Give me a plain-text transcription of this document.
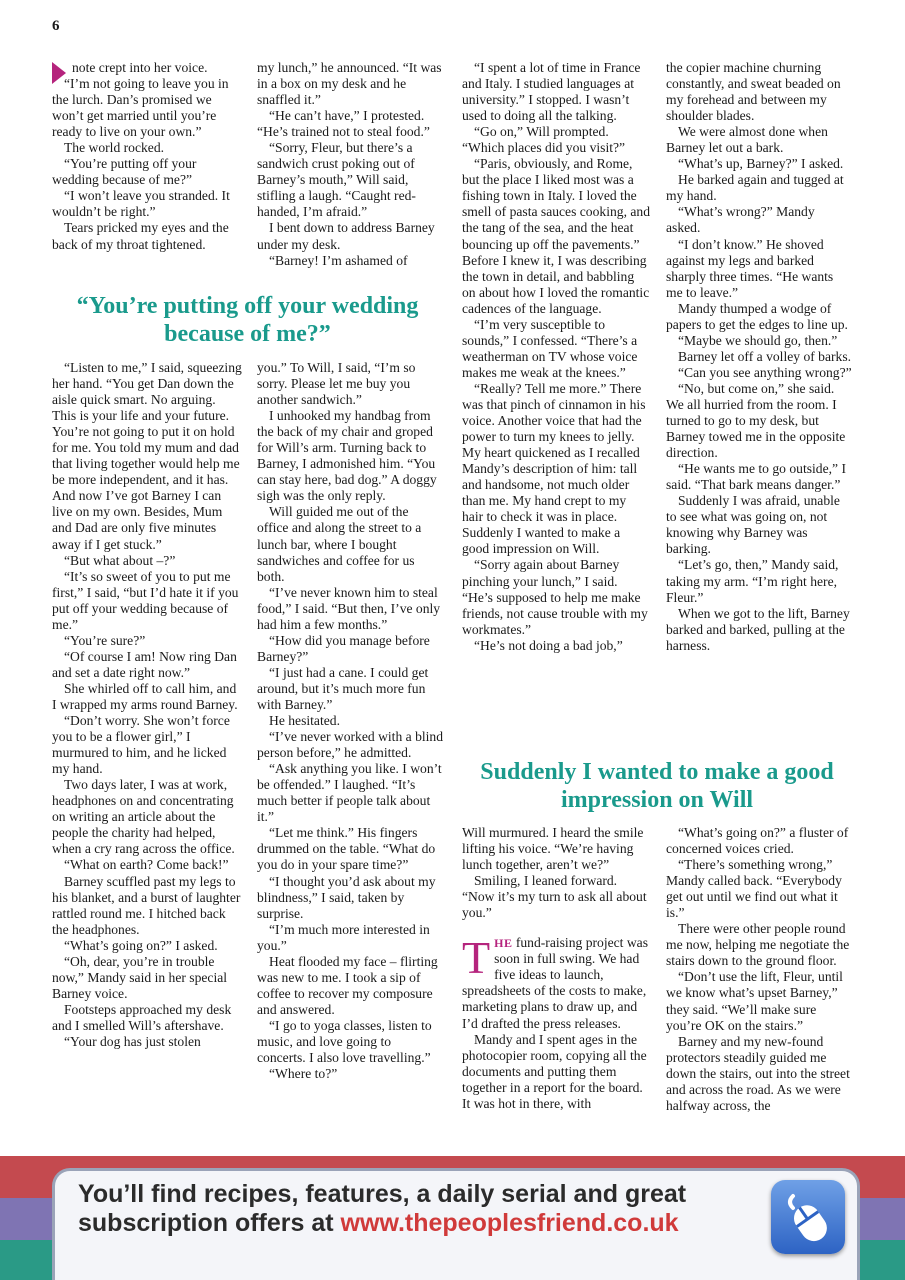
6

note crept into her voice.

“I’m not going to leave you in the lurch. Dan’s promised we won’t get married until you’re ready to live on your own.”

The world rocked.

“You’re putting off your wedding because of me?”

“I won’t leave you stranded. It wouldn’t be right.”

Tears pricked my eyes and the back of my throat tightened.

my lunch,” he announced. “It was in a box on my desk and he snaffled it.”

“He can’t have,” I protested. “He’s trained not to steal food.”

“Sorry, Fleur, but there’s a sandwich crust poking out of Barney’s mouth,” Will said, stifling a laugh. “Caught red-handed, I’m afraid.”

I bent down to address Barney under my desk.

“Barney! I’m ashamed of

“You’re putting off your wedding because of me?”

“Listen to me,” I said, squeezing her hand. “You get Dan down the aisle quick smart. No arguing. This is your life and your future. You’re not going to put it on hold for me. You told my mum and dad that living together would help me be more independent, and it has. And now I’ve got Barney I can live on my own. Besides, Mum and Dad are only five minutes away if I get stuck.”

“But what about –?”

“It’s so sweet of you to put me first,” I said, “but I’d hate it if you put off your wedding because of me.”

“You’re sure?”

“Of course I am! Now ring Dan and set a date right now.”

She whirled off to call him, and I wrapped my arms round Barney.

“Don’t worry. She won’t force you to be a flower girl,” I murmured to him, and he licked my hand.

Two days later, I was at work, headphones on and concentrating on writing an article about the people the charity had helped, when a cry rang across the office.

“What on earth? Come back!”

Barney scuffled past my legs to his blanket, and a burst of laughter rattled round me. I hitched back the headphones.

“What’s going on?” I asked.

“Oh, dear, you’re in trouble now,” Mandy said in her special Barney voice.

Footsteps approached my desk and I smelled Will’s aftershave.

“Your dog has just stolen

you.” To Will, I said, “I’m so sorry. Please let me buy you another sandwich.”

I unhooked my handbag from the back of my chair and groped for Will’s arm. Turning back to Barney, I admonished him. “You can stay here, bad dog.” A doggy sigh was the only reply.

Will guided me out of the office and along the street to a lunch bar, where I bought sandwiches and coffee for us both.

“I’ve never known him to steal food,” I said. “But then, I’ve only had him a few months.”

“How did you manage before Barney?”

“I just had a cane. I could get around, but it’s much more fun with Barney.”

He hesitated.

“I’ve never worked with a blind person before,” he admitted.

“Ask anything you like. I won’t be offended.” I laughed. “It’s much better if people talk about it.”

“Let me think.” His fingers drummed on the table. “What do you do in your spare time?”

“I thought you’d ask about my blindness,” I said, taken by surprise.

“I’m much more interested in you.”

Heat flooded my face – flirting was new to me. I took a sip of coffee to recover my composure and answered.

“I go to yoga classes, listen to music, and love going to concerts. I also love travelling.”

“Where to?”

“I spent a lot of time in France and Italy. I studied languages at university.” I stopped. I wasn’t used to doing all the talking.

“Go on,” Will prompted. “Which places did you visit?”

“Paris, obviously, and Rome, but the place I liked most was a fishing town in Italy. I loved the smell of pasta sauces cooking, and the tang of the sea, and the heat bouncing up off the pavements.” Before I knew it, I was describing the town in detail, and babbling on about how I loved the romantic cadences of the language.

“I’m very susceptible to sounds,” I confessed. “There’s a weatherman on TV whose voice makes me weak at the knees.”

“Really? Tell me more.” There was that pinch of cinnamon in his voice. Another voice that had the power to turn my knees to jelly. My heart quickened as I recalled Mandy’s description of him: tall and handsome, not much older than me. My hand crept to my hair to check it was in place. Suddenly I wanted to make a good impression on Will.

“Sorry again about Barney pinching your lunch,” I said. “He’s supposed to help me make friends, not cause trouble with my workmates.”

“He’s not doing a bad job,”

the copier machine churning constantly, and sweat beaded on my forehead and between my shoulder blades.

We were almost done when Barney let out a bark.

“What’s up, Barney?” I asked.

He barked again and tugged at my hand.

“What’s wrong?” Mandy asked.

“I don’t know.” He shoved against my legs and barked sharply three times. “He wants me to leave.”

Mandy thumped a wodge of papers to get the edges to line up.

“Maybe we should go, then.”

Barney let off a volley of barks.

“Can you see anything wrong?”

“No, but come on,” she said. We all hurried from the room. I turned to go to my desk, but Barney towed me in the opposite direction.

“He wants me to go outside,” I said. “That bark means danger.”

Suddenly I was afraid, unable to see what was going on, not knowing why Barney was barking.

“Let’s go, then,” Mandy said, taking my arm. “I’m right here, Fleur.”

When we got to the lift, Barney barked and barked, pulling at the harness.

Suddenly I wanted to make a good impression on Will

Will murmured. I heard the smile lifting his voice. “We’re having lunch together, aren’t we?”

Smiling, I leaned forward. “Now it’s my turn to ask all about you.”

THE fund-raising project was soon in full swing. We had five ideas to launch, spreadsheets of the costs to make, marketing plans to draw up, and I’d drafted the press releases.

Mandy and I spent ages in the photocopier room, copying all the documents and putting them together in a report for the board. It was hot in there, with

“What’s going on?” a fluster of concerned voices cried.

“There’s something wrong,” Mandy called back. “Everybody get out until we find out what it is.”

There were other people round me now, helping me negotiate the stairs down to the ground floor.

“Don’t use the lift, Fleur, until we know what’s upset Barney,” they said. “We’ll make sure you’re OK on the stairs.”

Barney and my new-found protectors steadily guided me down the stairs, out into the street and across the road. As we were halfway across, the

You’ll find recipes, features, a daily serial and great subscription offers at www.thepeoplesfriend.co.uk
